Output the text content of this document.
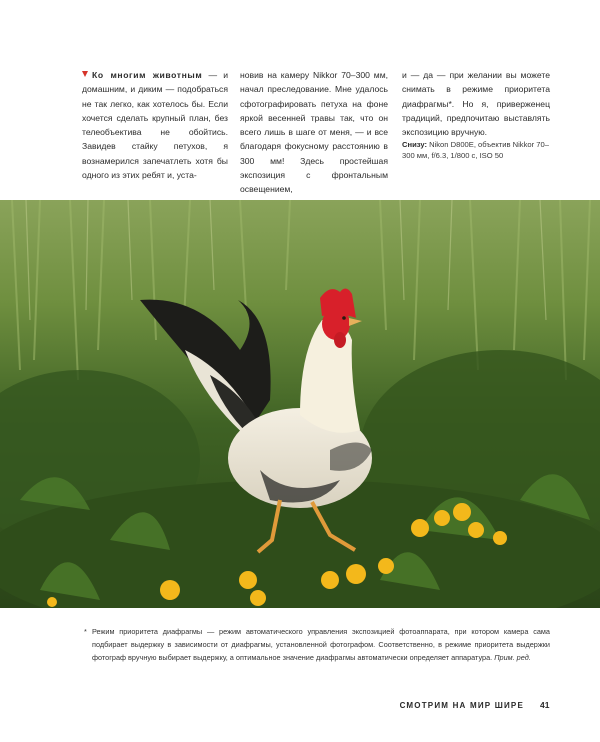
Ко многим животным — и домашним, и диким — подобраться не так легко, как хотелось бы. Если хочется сделать крупный план, без телеобъектива не обойтись. Завидев стайку петухов, я вознамерился запечатлеть хотя бы одного из этих ребят и, уста-

новив на камеру Nikkor 70–300 мм, начал преследование. Мне удалось сфотографировать петуха на фоне яркой весенней травы так, что он всего лишь в шаге от меня, — и все благодаря фокусному расстоянию в 300 мм! Здесь простейшая экспозиция с фронтальным освещением,

и — да — при желании вы можете снимать в режиме приоритета диафрагмы*. Но я, приверженец традиций, предпочитаю выставлять экспозицию вручную.

Снизу: Nikon D800E, объектив Nikkor 70–300 мм, f/6.3, 1/800 с, ISO 50

* Режим приоритета диафрагмы — режим автоматического управления экспозицией фотоаппарата, при котором камера сама подбирает выдержку в зависимости от диафрагмы, установленной фотографом. Соответственно, в режиме приоритета выдержки фотограф вручную выбирает выдержку, а оптимальное значение диафрагмы автоматически определяет аппаратура. Прим. ред.
СМОТРИМ НА МИР ШИРЕ 41
